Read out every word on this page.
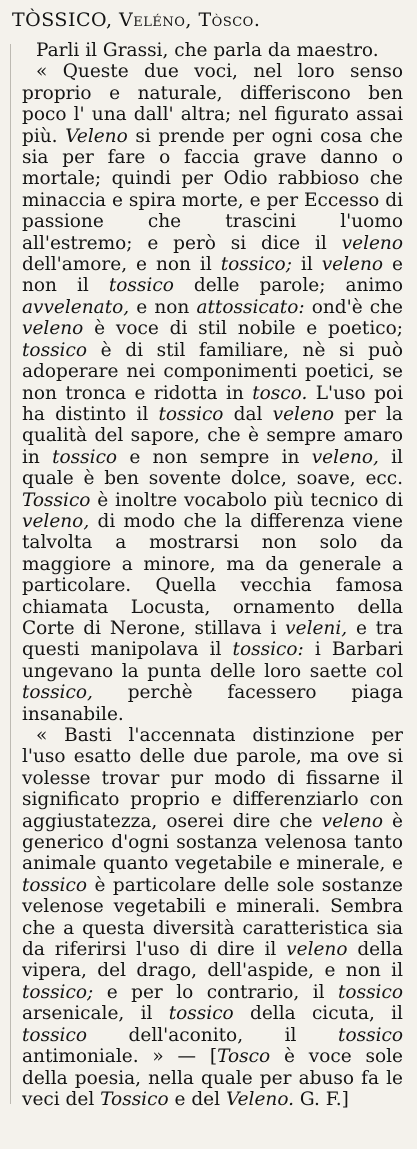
TÒSSICO, Veléno, Tòsco.

Parli il Grassi, che parla da maestro.

« Queste due voci, nel loro senso proprio e naturale, differiscono ben poco l' una dall' altra; nel figurato assai più. Veleno si prende per ogni cosa che sia per fare o faccia grave danno o mortale; quindi per Odio rabbioso che minaccia e spira morte, e per Eccesso di passione che trascini l'uomo all'estremo; e però si dice il veleno dell'amore, e non il tossico; il veleno e non il tossico delle parole; animo avvelenato, e non attossicato: ond'è che veleno è voce di stil nobile e poetico; tossico è di stil familiare, nè si può adoperare nei componimenti poetici, se non tronca e ridotta in tosco. L'uso poi ha distinto il tossico dal veleno per la qualità del sapore, che è sempre amaro in tossico e non sempre in veleno, il quale è ben sovente dolce, soave, ecc. Tossico è inoltre vocabolo più tecnico di veleno, di modo che la differenza viene talvolta a mostrarsi non solo da maggiore a minore, ma da generale a particolare. Quella vecchia famosa chiamata Locusta, ornamento della Corte di Nerone, stillava i veleni, e tra questi manipolava il tossico: i Barbari ungevano la punta delle loro saette col tossico, perchè facessero piaga insanabile.

« Basti l'accennata distinzione per l'uso esatto delle due parole, ma ove si volesse trovar pur modo di fissarne il significato proprio e differenziarlo con aggiustatezza, oserei dire che veleno è generico d'ogni sostanza velenosa tanto animale quanto vegetabile e minerale, e tossico è particolare delle sole sostanze velenose vegetabili e minerali. Sembra che a questa diversità caratteristica sia da riferirsi l'uso di dire il veleno della vipera, del drago, dell'aspide, e non il tossico; e per lo contrario, il tossico arsenicale, il tossico della cicuta, il tossico dell'aconito, il tossico antimoniale. » — [Tosco è voce sole della poesia, nella quale per abuso fa le veci del Tossico e del Veleno. G. F.]
